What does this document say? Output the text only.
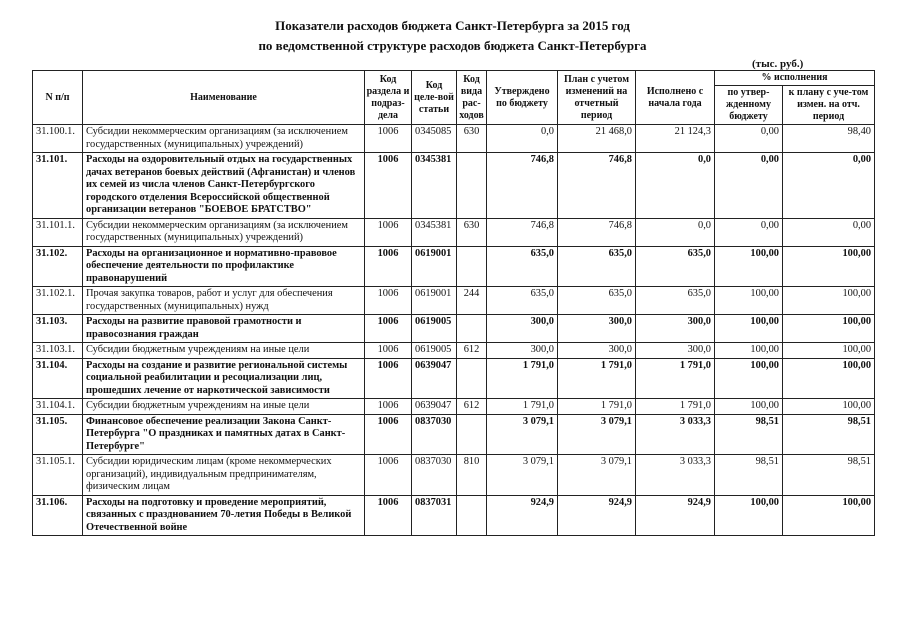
Показатели расходов бюджета Санкт-Петербурга за 2015 год
по ведомственной структуре расходов бюджета Санкт-Петербурга
(тыс. руб.)
N п/п	Наименование	Код раздела и подраз-дела	Код целе-вой статьи	Код вида рас-ходов	Утверждено по бюджету	План с учетом изменений на отчетный период	Исполнено с начала года	% исполнения	
								по утвер-жденному бюджету	к плану с уче-том измен. на отч. период
31.100.1.	Субсидии некоммерческим организациям (за исключением государственных (муниципальных) учреждений)	1006	0345085	630	0,0	21 468,0	21 124,3	0,00	98,40
31.101.	Расходы на оздоровительный отдых на государственных дачах ветеранов боевых действий (Афганистан) и членов их семей из числа членов Санкт-Петербургского городского отделения Всероссийской общественной организации ветеранов "БОЕВОЕ БРАТСТВО"	1006	0345381		746,8	746,8	0,0	0,00	0,00
31.101.1.	Субсидии некоммерческим организациям (за исключением государственных (муниципальных) учреждений)	1006	0345381	630	746,8	746,8	0,0	0,00	0,00
31.102.	Расходы на организационное и нормативно-правовое обеспечение деятельности по профилактике правонарушений	1006	0619001		635,0	635,0	635,0	100,00	100,00
31.102.1.	Прочая закупка товаров, работ и услуг для обеспечения государственных (муниципальных) нужд	1006	0619001	244	635,0	635,0	635,0	100,00	100,00
31.103.	Расходы на развитие правовой грамотности и правосознания граждан	1006	0619005		300,0	300,0	300,0	100,00	100,00
31.103.1.	Субсидии бюджетным учреждениям на иные цели	1006	0619005	612	300,0	300,0	300,0	100,00	100,00
31.104.	Расходы на создание и развитие региональной системы социальной реабилитации и ресоциализации лиц, прошедших лечение от наркотической зависимости	1006	0639047		1 791,0	1 791,0	1 791,0	100,00	100,00
31.104.1.	Субсидии бюджетным учреждениям на иные цели	1006	0639047	612	1 791,0	1 791,0	1 791,0	100,00	100,00
31.105.	Финансовое обеспечение реализации Закона Санкт-Петербурга "О праздниках и памятных датах в Санкт-Петербурге"	1006	0837030		3 079,1	3 079,1	3 033,3	98,51	98,51
31.105.1.	Субсидии юридическим лицам (кроме некоммерческих организаций), индивидуальным предпринимателям, физическим лицам	1006	0837030	810	3 079,1	3 079,1	3 033,3	98,51	98,51
31.106.	Расходы на подготовку и проведение мероприятий, связанных с празднованием 70-летия Победы в Великой Отечественной войне	1006	0837031		924,9	924,9	924,9	100,00	100,00
